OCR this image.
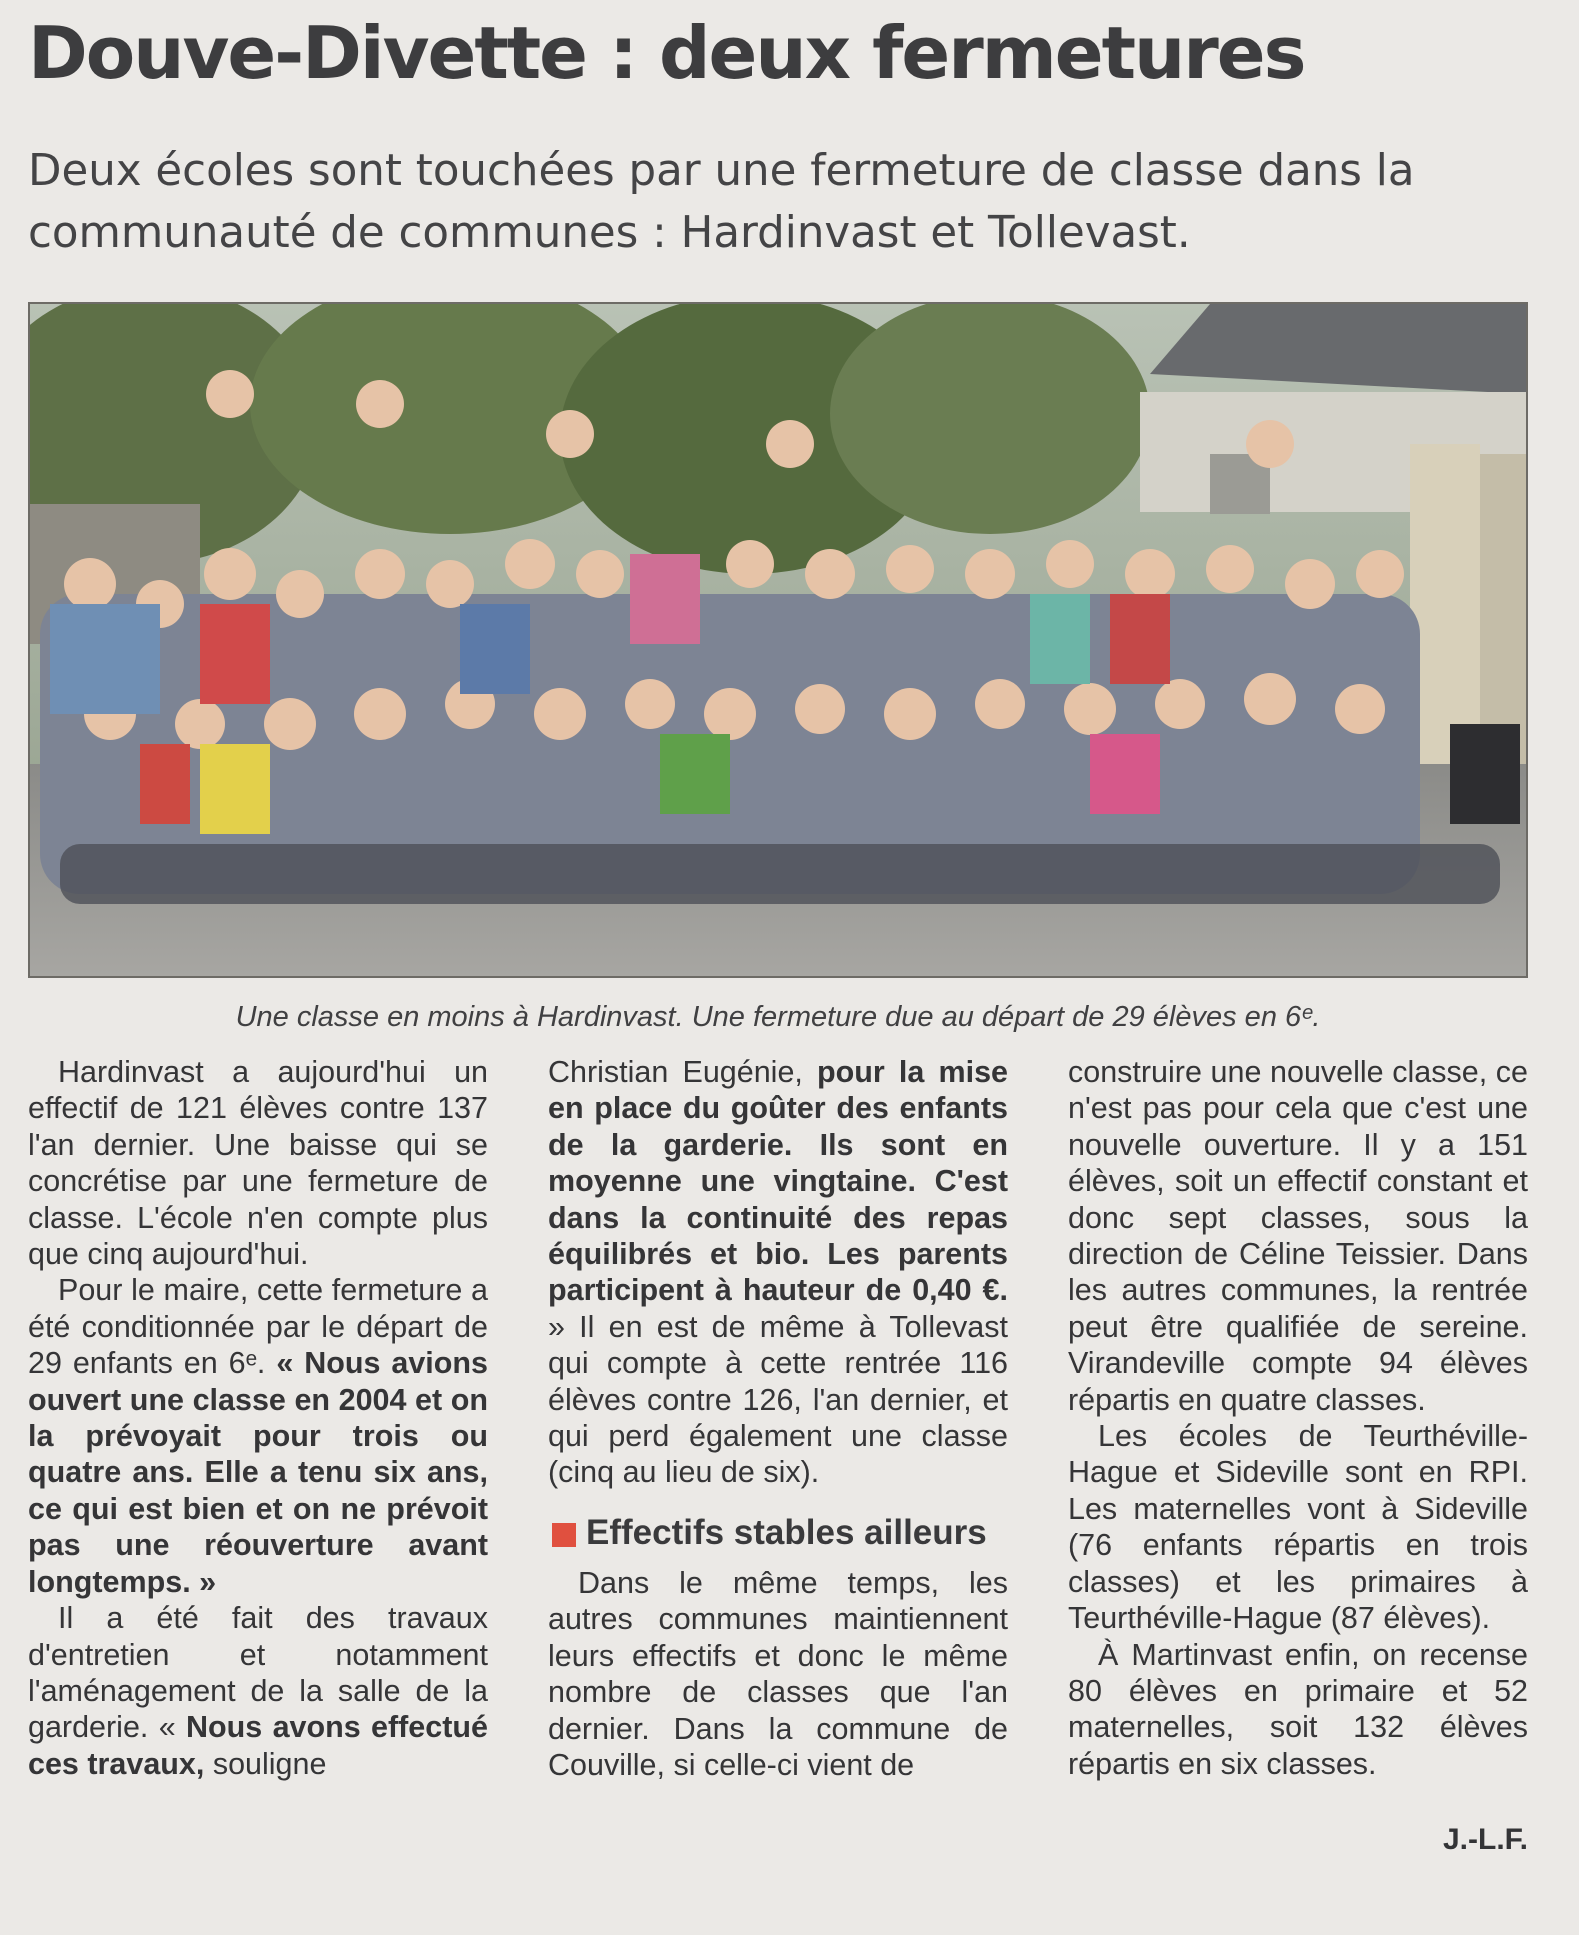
Douve-Divette : deux fermetures
Deux écoles sont touchées par une fermeture de classe dans la communauté de communes : Hardinvast et Tollevast.
Une classe en moins à Hardinvast. Une fermeture due au départ de 29 élèves en 6ᵉ.

Hardinvast a aujourd'hui un effectif de 121 élèves contre 137 l'an dernier. Une baisse qui se concrétise par une fermeture de classe. L'école n'en compte plus que cinq aujourd'hui.

Pour le maire, cette fermeture a été conditionnée par le départ de 29 enfants en 6ᵉ. « Nous avions ouvert une classe en 2004 et on la prévoyait pour trois ou quatre ans. Elle a tenu six ans, ce qui est bien et on ne prévoit pas une réouverture avant longtemps. »

Il a été fait des travaux d'entretien et notamment l'aménagement de la salle de la garderie. « Nous avons effectué ces travaux, souligne

Christian Eugénie, pour la mise en place du goûter des enfants de la garderie. Ils sont en moyenne une vingtaine. C'est dans la continuité des repas équilibrés et bio. Les parents participent à hauteur de 0,40 €. » Il en est de même à Tollevast qui compte à cette rentrée 116 élèves contre 126, l'an dernier, et qui perd également une classe (cinq au lieu de six).

Effectifs stables ailleurs

Dans le même temps, les autres communes maintiennent leurs effectifs et donc le même nombre de classes que l'an dernier. Dans la commune de Couville, si celle-ci vient de

construire une nouvelle classe, ce n'est pas pour cela que c'est une nouvelle ouverture. Il y a 151 élèves, soit un effectif constant et donc sept classes, sous la direction de Céline Teissier. Dans les autres communes, la rentrée peut être qualifiée de sereine. Virandeville compte 94 élèves répartis en quatre classes.

Les écoles de Teurthéville-Hague et Sideville sont en RPI. Les maternelles vont à Sideville (76 enfants répartis en trois classes) et les primaires à Teurthéville-Hague (87 élèves).

À Martinvast enfin, on recense 80 élèves en primaire et 52 maternelles, soit 132 élèves répartis en six classes.

J.-L.F.
